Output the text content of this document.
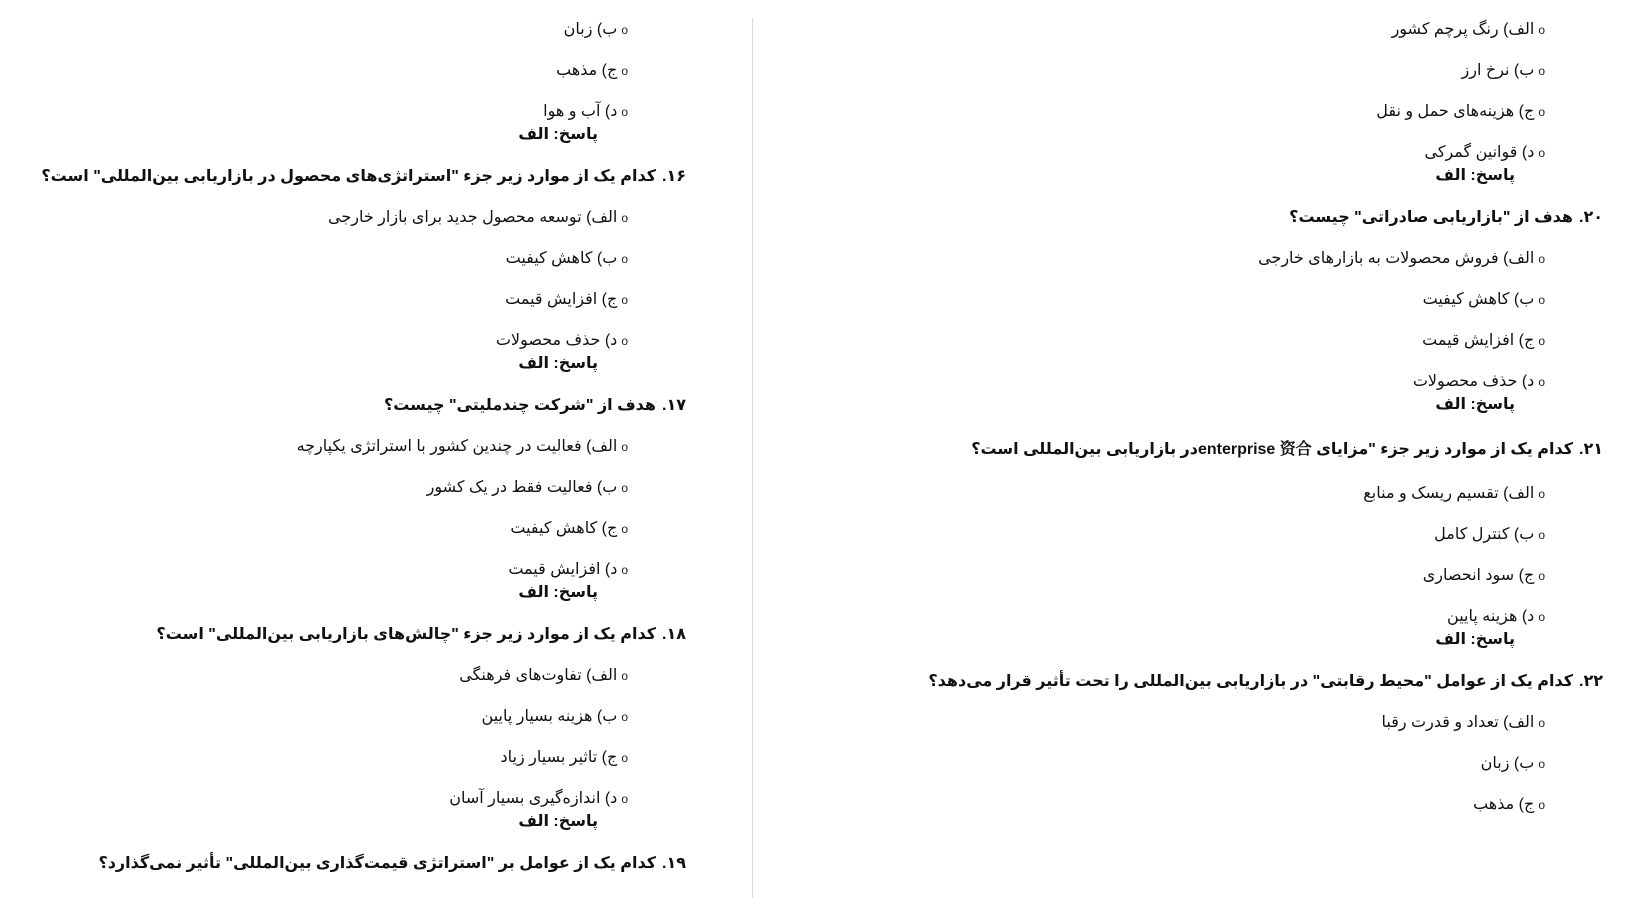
o الف) رنگ پرچم کشور
o ب) نرخ ارز
o ج) هزینه‌های حمل و نقل
o د) قوانین گمرکی
پاسخ: الف
۲۰.هدف از "بازاریابی صادراتی" چیست؟
o الف) فروش محصولات به بازارهای خارجی
o ب) کاهش کیفیت
o ج) افزایش قیمت
o د) حذف محصولات
پاسخ: الف
۲۱.کدام یک از موارد زیر جزء "مزایای enterprise 资合در بازاریابی بین‌المللی است؟
o الف) تقسیم ریسک و منابع
o ب) کنترل کامل
o ج) سود انحصاری
o د) هزینه پایین
پاسخ: الف
۲۲.کدام یک از عوامل "محیط رقابتی" در بازاریابی بین‌المللی را تحت تأثیر قرار می‌دهد؟
o الف) تعداد و قدرت رقبا
o ب) زبان
o ج) مذهب
o ب) زبان
o ج) مذهب
o د) آب و هوا
پاسخ: الف
۱۶.کدام یک از موارد زیر جزء "استراتژی‌های محصول در بازاریابی بین‌المللی" است؟
o الف) توسعه محصول جدید برای بازار خارجی
o ب) کاهش کیفیت
o ج) افزایش قیمت
o د) حذف محصولات
پاسخ: الف
۱۷.هدف از "شرکت چندملیتی" چیست؟
o الف) فعالیت در چندین کشور با استراتژی یکپارچه
o ب) فعالیت فقط در یک کشور
o ج) کاهش کیفیت
o د) افزایش قیمت
پاسخ: الف
۱۸.کدام یک از موارد زیر جزء "چالش‌های بازاریابی بین‌المللی" است؟
o الف) تفاوت‌های فرهنگی
o ب) هزینه بسیار پایین
o ج) تاثیر بسیار زیاد
o د) اندازه‌گیری بسیار آسان
پاسخ: الف
۱۹.کدام یک از عوامل بر "استراتژی قیمت‌گذاری بین‌المللی" تأثیر نمی‌گذارد؟
